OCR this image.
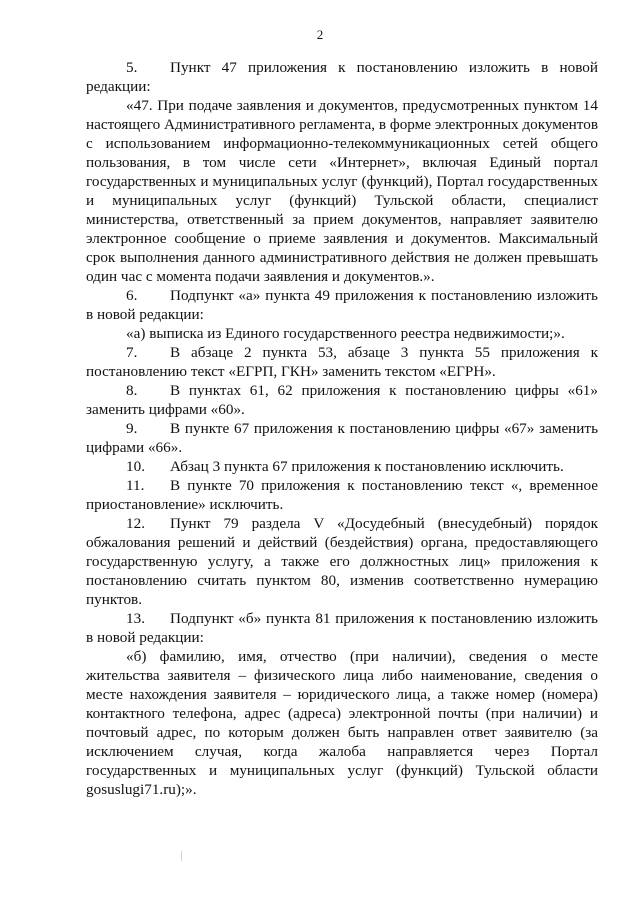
2

5. Пункт 47 приложения к постановлению изложить в новой редакции:

«47. При подаче заявления и документов, предусмотренных пунктом 14 настоящего Административного регламента, в форме электронных документов с использованием информационно-телекоммуникационных сетей общего пользования, в том числе сети «Интернет», включая Единый портал государственных и муниципальных услуг (функций), Портал государственных и муниципальных услуг (функций) Тульской области, специалист министерства, ответственный за прием документов, направляет заявителю электронное сообщение о приеме заявления и документов. Максимальный срок выполнения данного административного действия не должен превышать один час с момента подачи заявления и документов.».

6. Подпункт «а» пункта 49 приложения к постановлению изложить в новой редакции:

«а) выписка из Единого государственного реестра недвижимости;».

7. В абзаце 2 пункта 53, абзаце 3 пункта 55 приложения к постановлению текст «ЕГРП, ГКН» заменить текстом «ЕГРН».

8. В пунктах 61, 62 приложения к постановлению цифры «61» заменить цифрами «60».

9. В пункте 67 приложения к постановлению цифры «67» заменить цифрами «66».

10. Абзац 3 пункта 67 приложения к постановлению исключить.

11. В пункте 70 приложения к постановлению текст «, временное приостановление» исключить.

12. Пункт 79 раздела V «Досудебный (внесудебный) порядок обжалования решений и действий (бездействия) органа, предоставляющего государственную услугу, а также его должностных лиц» приложения к постановлению считать пунктом 80, изменив соответственно нумерацию пунктов.

13. Подпункт «б» пункта 81 приложения к постановлению изложить в новой редакции:

«б) фамилию, имя, отчество (при наличии), сведения о месте жительства заявителя – физического лица либо наименование, сведения о месте нахождения заявителя – юридического лица, а также номер (номера) контактного телефона, адрес (адреса) электронной почты (при наличии) и почтовый адрес, по которым должен быть направлен ответ заявителю (за исключением случая, когда жалоба направляется через Портал государственных и муниципальных услуг (функций) Тульской области gosuslugi71.ru);».
